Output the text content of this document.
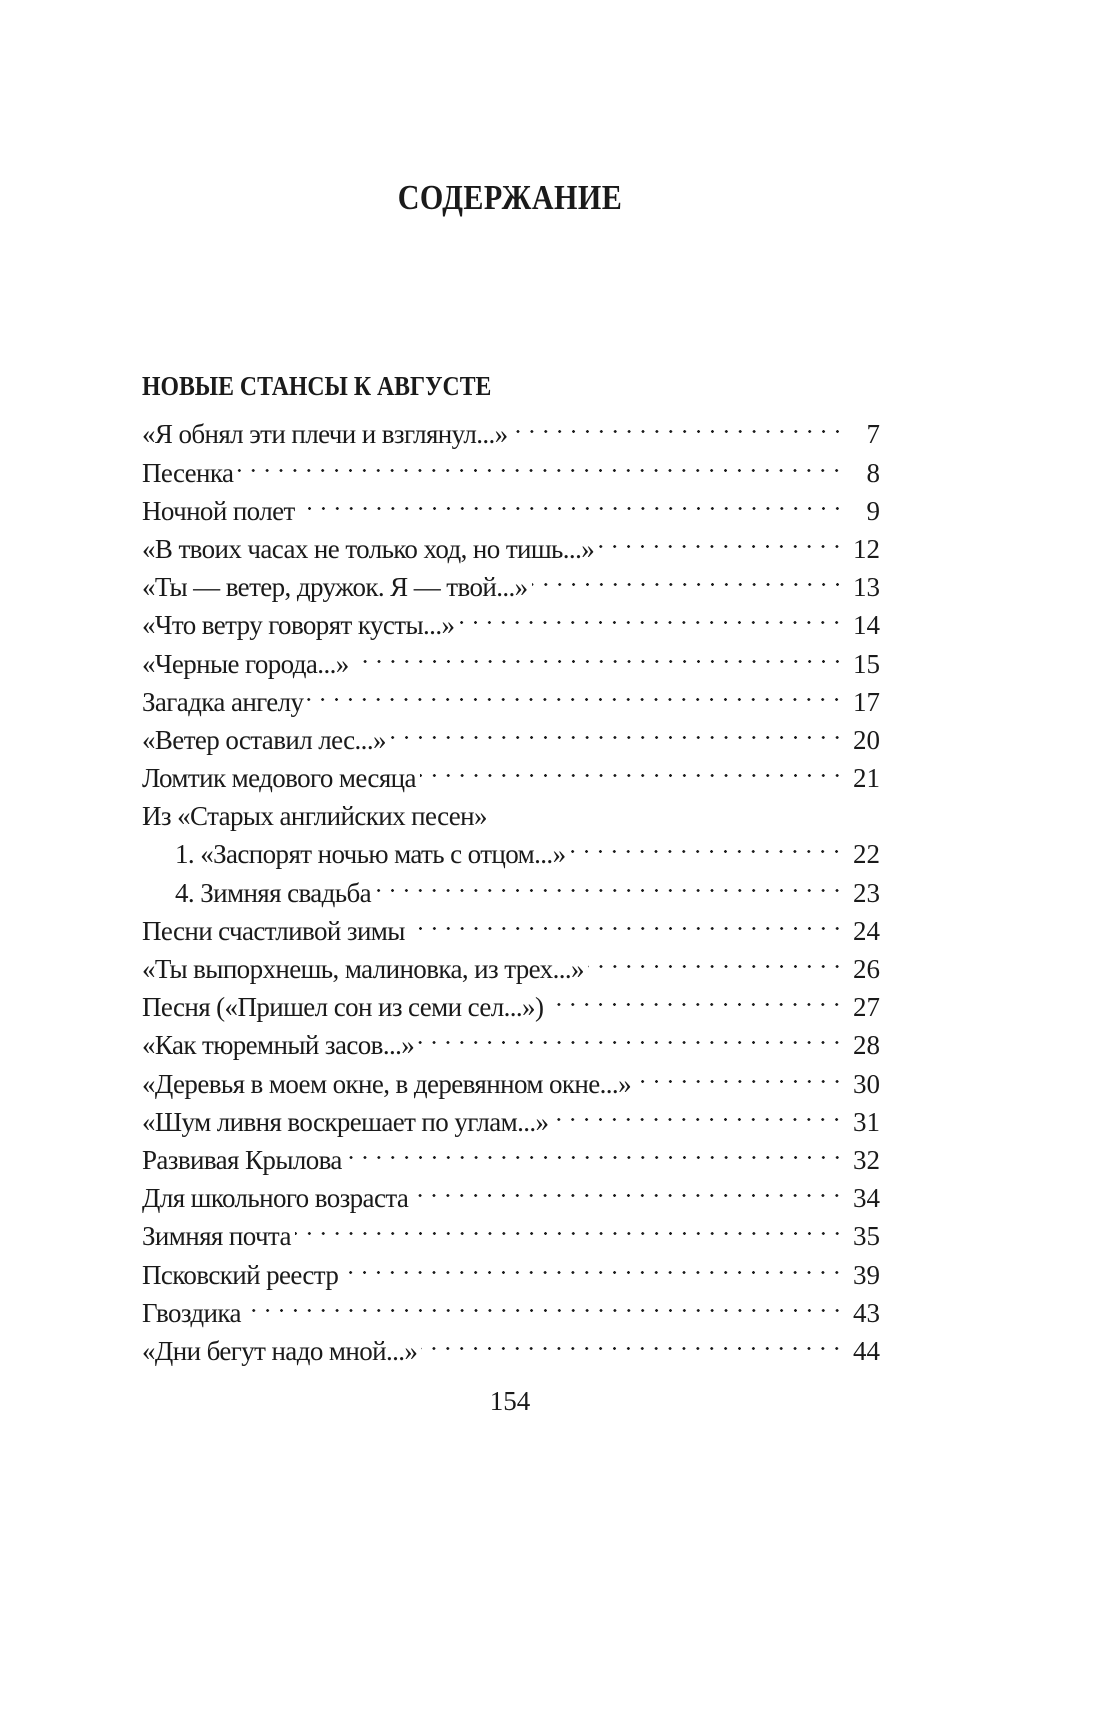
СОДЕРЖАНИЕ
НОВЫЕ СТАНСЫ К АВГУСТЕ
«Я обнял эти плечи и взглянул...»	7
Песенка	8
Ночной полет	9
«В твоих часах не только ход, но тишь...»	12
«Ты — ветер, дружок. Я — твой...»	13
«Что ветру говорят кусты...»	14
«Черные города...»	15
Загадка ангелу	17
«Ветер оставил лес...»	20
Ломтик медового месяца	21
Из «Старых английских песен»
1. «Заспорят ночью мать с отцом...»	22
4. Зимняя свадьба	23
Песни счастливой зимы	24
«Ты выпорхнешь, малиновка, из трех...»	26
Песня («Пришел сон из семи сел...»)	27
«Как тюремный засов...»	28
«Деревья в моем окне, в деревянном окне...»	30
«Шум ливня воскрешает по углам...»	31
Развивая Крылова	32
Для школьного возраста	34
Зимняя почта	35
Псковский реестр	39
Гвоздика	43
«Дни бегут надо мной...»	44
154
